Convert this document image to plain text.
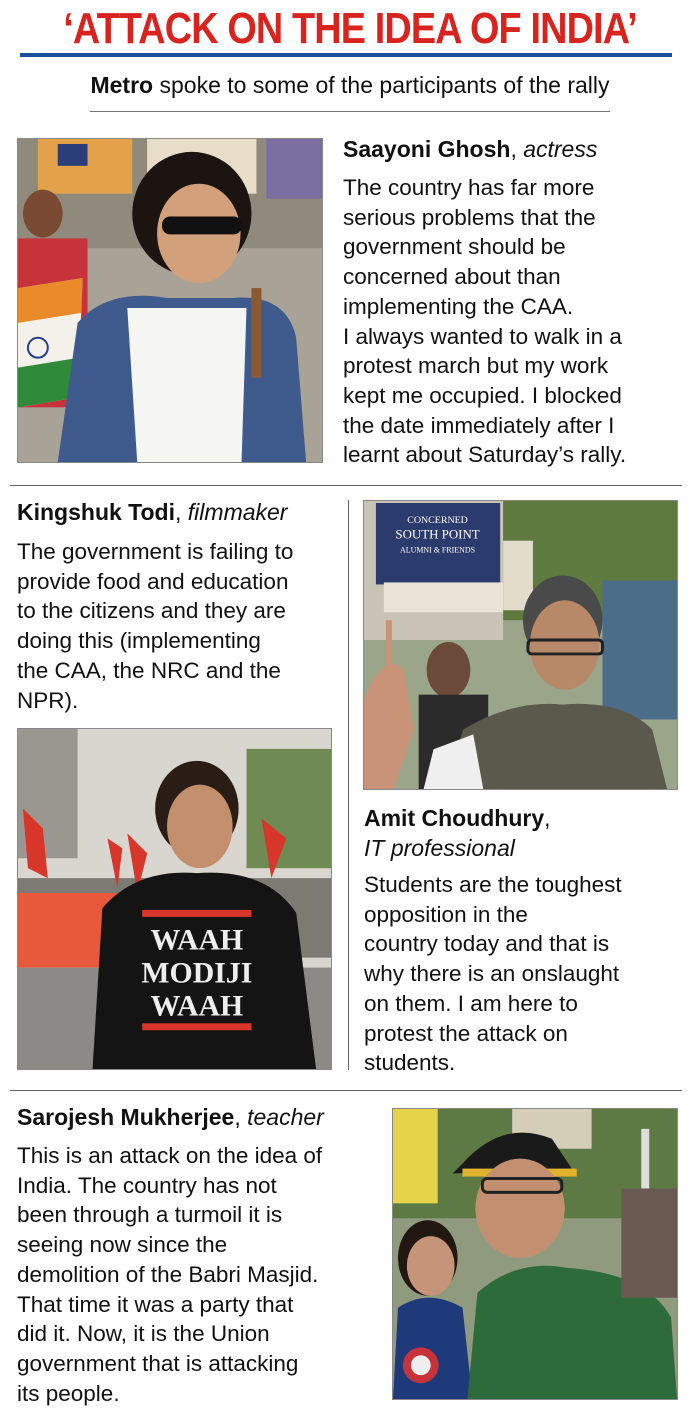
‘ATTACK ON THE IDEA OF INDIA’
Metro spoke to some of the participants of the rally
Saayoni Ghosh, actress
The country has far more
serious problems that the
government should be
concerned about than
implementing the CAA.
I always wanted to walk in a
protest march but my work
kept me occupied. I blocked
the date immediately after I
learnt about Saturday’s rally.
Kingshuk Todi, filmmaker
The government is failing to
provide food and education
to the citizens and they are
doing this (implementing
the CAA, the NRC and the
NPR).
WAAH
MODIJI
WAAH
CONCERNED
SOUTH POINT
ALUMNI & FRIENDS
Amit Choudhury,
IT professional
Students are the toughest
opposition in the
country today and that is
why there is an onslaught
on them. I am here to
protest the attack on
students.
Sarojesh Mukherjee, teacher
This is an attack on the idea of
India. The country has not
been through a turmoil it is
seeing now since the
demolition of the Babri Masjid.
That time it was a party that
did it. Now, it is the Union
government that is attacking
its people.
